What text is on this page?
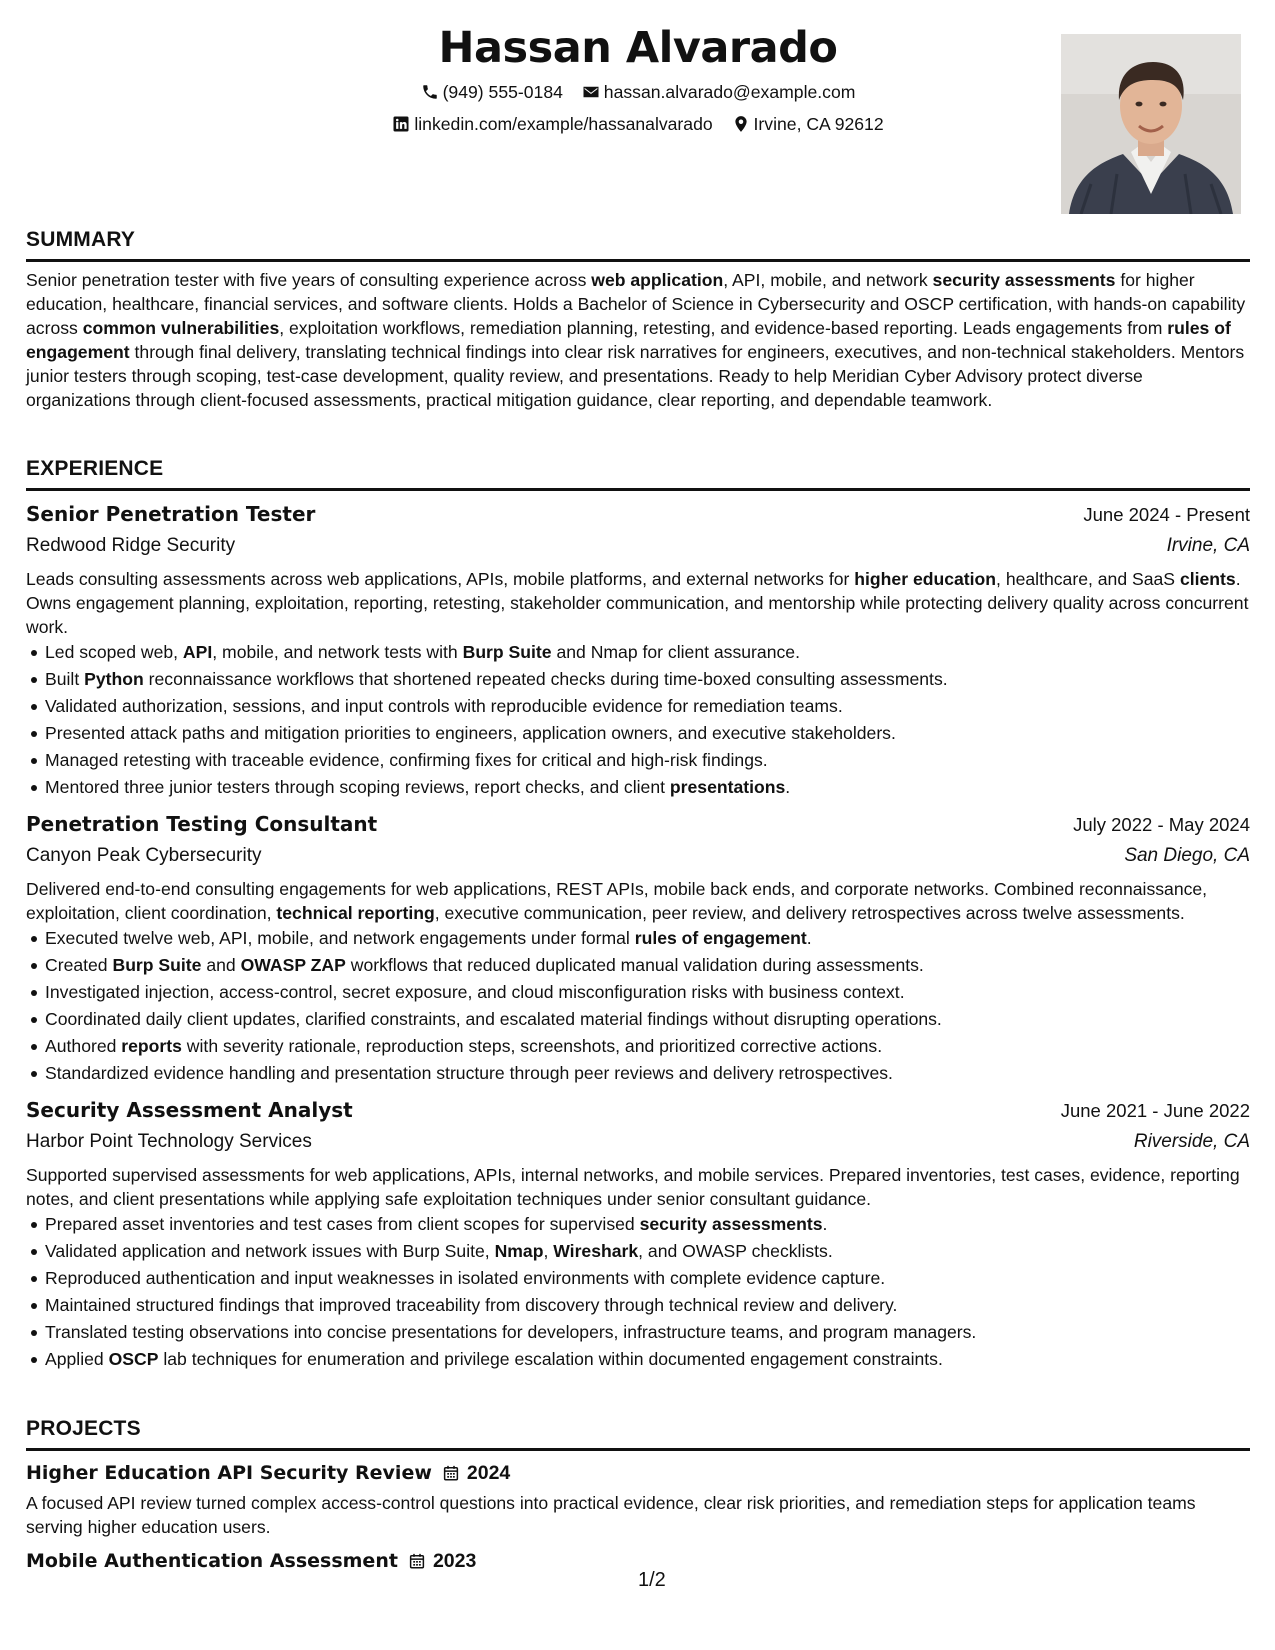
Hassan Alvarado
(949) 555-0184
hassan.alvarado@example.com
linkedin.com/example/hassanalvarado
Irvine, CA 92612
SUMMARY

Senior penetration tester with five years of consulting experience across web application, API, mobile, and network security assessments for higher education, healthcare, financial services, and software clients. Holds a Bachelor of Science in Cybersecurity and OSCP certification, with hands-on capability across common vulnerabilities, exploitation workflows, remediation planning, retesting, and evidence-based reporting. Leads engagements from rules of engagement through final delivery, translating technical findings into clear risk narratives for engineers, executives, and non-technical stakeholders. Mentors junior testers through scoping, test-case development, quality review, and presentations. Ready to help Meridian Cyber Advisory protect diverse organizations through client-focused assessments, practical mitigation guidance, clear reporting, and dependable teamwork.

EXPERIENCE
Senior Penetration Tester	June 2024 - Present
Redwood Ridge Security	Irvine, CA

Leads consulting assessments across web applications, APIs, mobile platforms, and external networks for higher education, healthcare, and SaaS clients. Owns engagement planning, exploitation, reporting, retesting, stakeholder communication, and mentorship while protecting delivery quality across concurrent work.

Led scoped web, API, mobile, and network tests with Burp Suite and Nmap for client assurance.
Built Python reconnaissance workflows that shortened repeated checks during time-boxed consulting assessments.
Validated authorization, sessions, and input controls with reproducible evidence for remediation teams.
Presented attack paths and mitigation priorities to engineers, application owners, and executive stakeholders.
Managed retesting with traceable evidence, confirming fixes for critical and high-risk findings.
Mentored three junior testers through scoping reviews, report checks, and client presentations.
Penetration Testing Consultant	July 2022 - May 2024
Canyon Peak Cybersecurity	San Diego, CA

Delivered end-to-end consulting engagements for web applications, REST APIs, mobile back ends, and corporate networks. Combined reconnaissance, exploitation, client coordination, technical reporting, executive communication, peer review, and delivery retrospectives across twelve assessments.

Executed twelve web, API, mobile, and network engagements under formal rules of engagement.
Created Burp Suite and OWASP ZAP workflows that reduced duplicated manual validation during assessments.
Investigated injection, access-control, secret exposure, and cloud misconfiguration risks with business context.
Coordinated daily client updates, clarified constraints, and escalated material findings without disrupting operations.
Authored reports with severity rationale, reproduction steps, screenshots, and prioritized corrective actions.
Standardized evidence handling and presentation structure through peer reviews and delivery retrospectives.
Security Assessment Analyst	June 2021 - June 2022
Harbor Point Technology Services	Riverside, CA

Supported supervised assessments for web applications, APIs, internal networks, and mobile services. Prepared inventories, test cases, evidence, reporting notes, and client presentations while applying safe exploitation techniques under senior consultant guidance.

Prepared asset inventories and test cases from client scopes for supervised security assessments.
Validated application and network issues with Burp Suite, Nmap, Wireshark, and OWASP checklists.
Reproduced authentication and input weaknesses in isolated environments with complete evidence capture.
Maintained structured findings that improved traceability from discovery through technical review and delivery.
Translated testing observations into concise presentations for developers, infrastructure teams, and program managers.
Applied OSCP lab techniques for enumeration and privilege escalation within documented engagement constraints.
PROJECTS
Higher Education API Security Review 2024

A focused API review turned complex access-control questions into practical evidence, clear risk priorities, and remediation steps for application teams serving higher education users.

Mobile Authentication Assessment 2023
1/2
